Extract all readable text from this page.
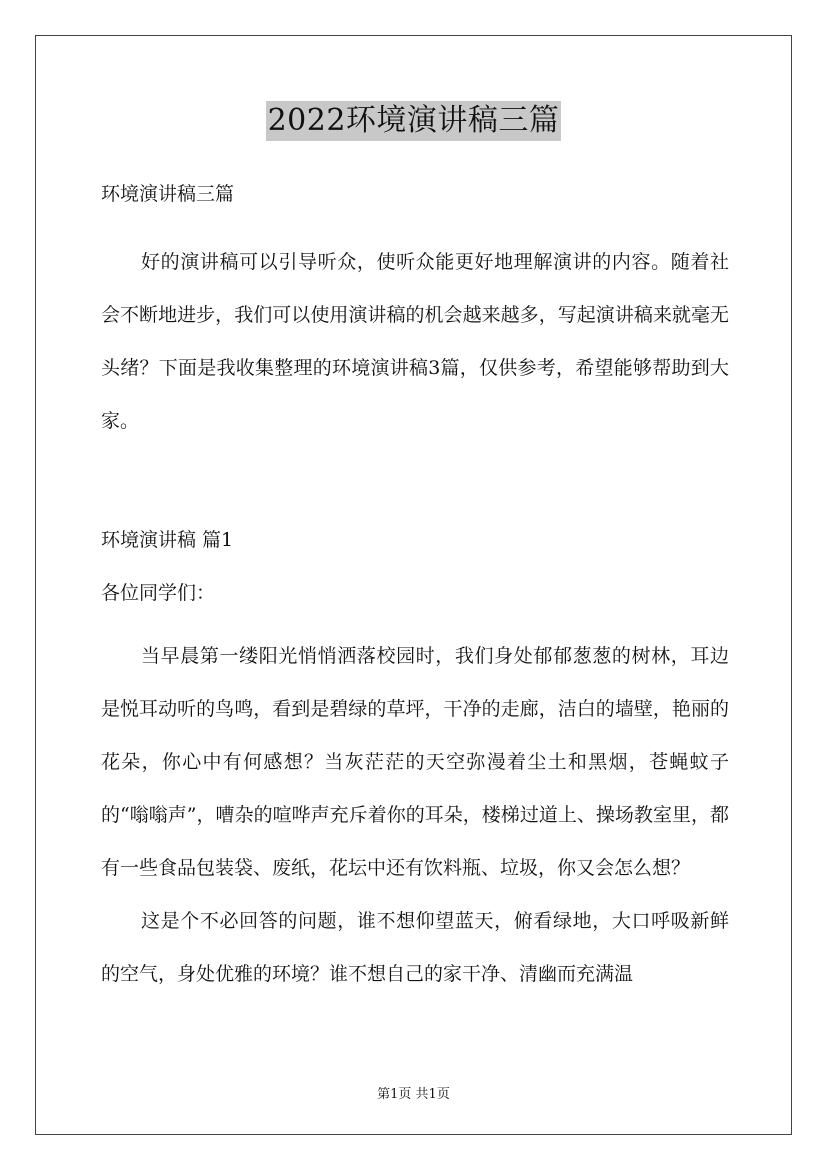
2022环境演讲稿三篇
环境演讲稿三篇
好的演讲稿可以引导听众，使听众能更好地理解演讲的内容。随着社会不断地进步，我们可以使用演讲稿的机会越来越多，写起演讲稿来就毫无头绪？下面是我收集整理的环境演讲稿3篇，仅供参考，希望能够帮助到大家。
环境演讲稿 篇1
各位同学们：
当早晨第一缕阳光悄悄洒落校园时，我们身处郁郁葱葱的树林，耳边是悦耳动听的鸟鸣，看到是碧绿的草坪，干净的走廊，洁白的墙壁，艳丽的花朵，你心中有何感想？当灰茫茫的天空弥漫着尘土和黑烟，苍蝇蚊子的“嗡嗡声”，嘈杂的喧哗声充斥着你的耳朵，楼梯过道上、操场教室里，都有一些食品包装袋、废纸，花坛中还有饮料瓶、垃圾，你又会怎么想？
这是个不必回答的问题，谁不想仰望蓝天，俯看绿地，大口呼吸新鲜的空气，身处优雅的环境？谁不想自己的家干净、清幽而充满温
第1页 共1页
